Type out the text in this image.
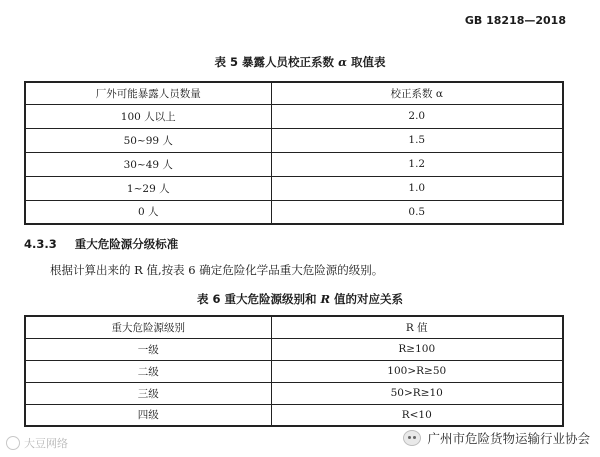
GB 18218—2018
表 5 暴露人员校正系数 α 取值表
厂外可能暴露人员数量	校正系数 α
100 人以上	2.0
50~99 人	1.5
30~49 人	1.2
1~29 人	1.0
0 人	0.5
4.3.3 重大危险源分级标准
根据计算出来的 R 值,按表 6 确定危险化学品重大危险源的级别。
表 6 重大危险源级别和 R 值的对应关系
重大危险源级别	R 值
一级	R≥100
二级	100>R≥50
三级	50>R≥10
四级	R<10
大豆网络	广州市危险货物运输行业协会
